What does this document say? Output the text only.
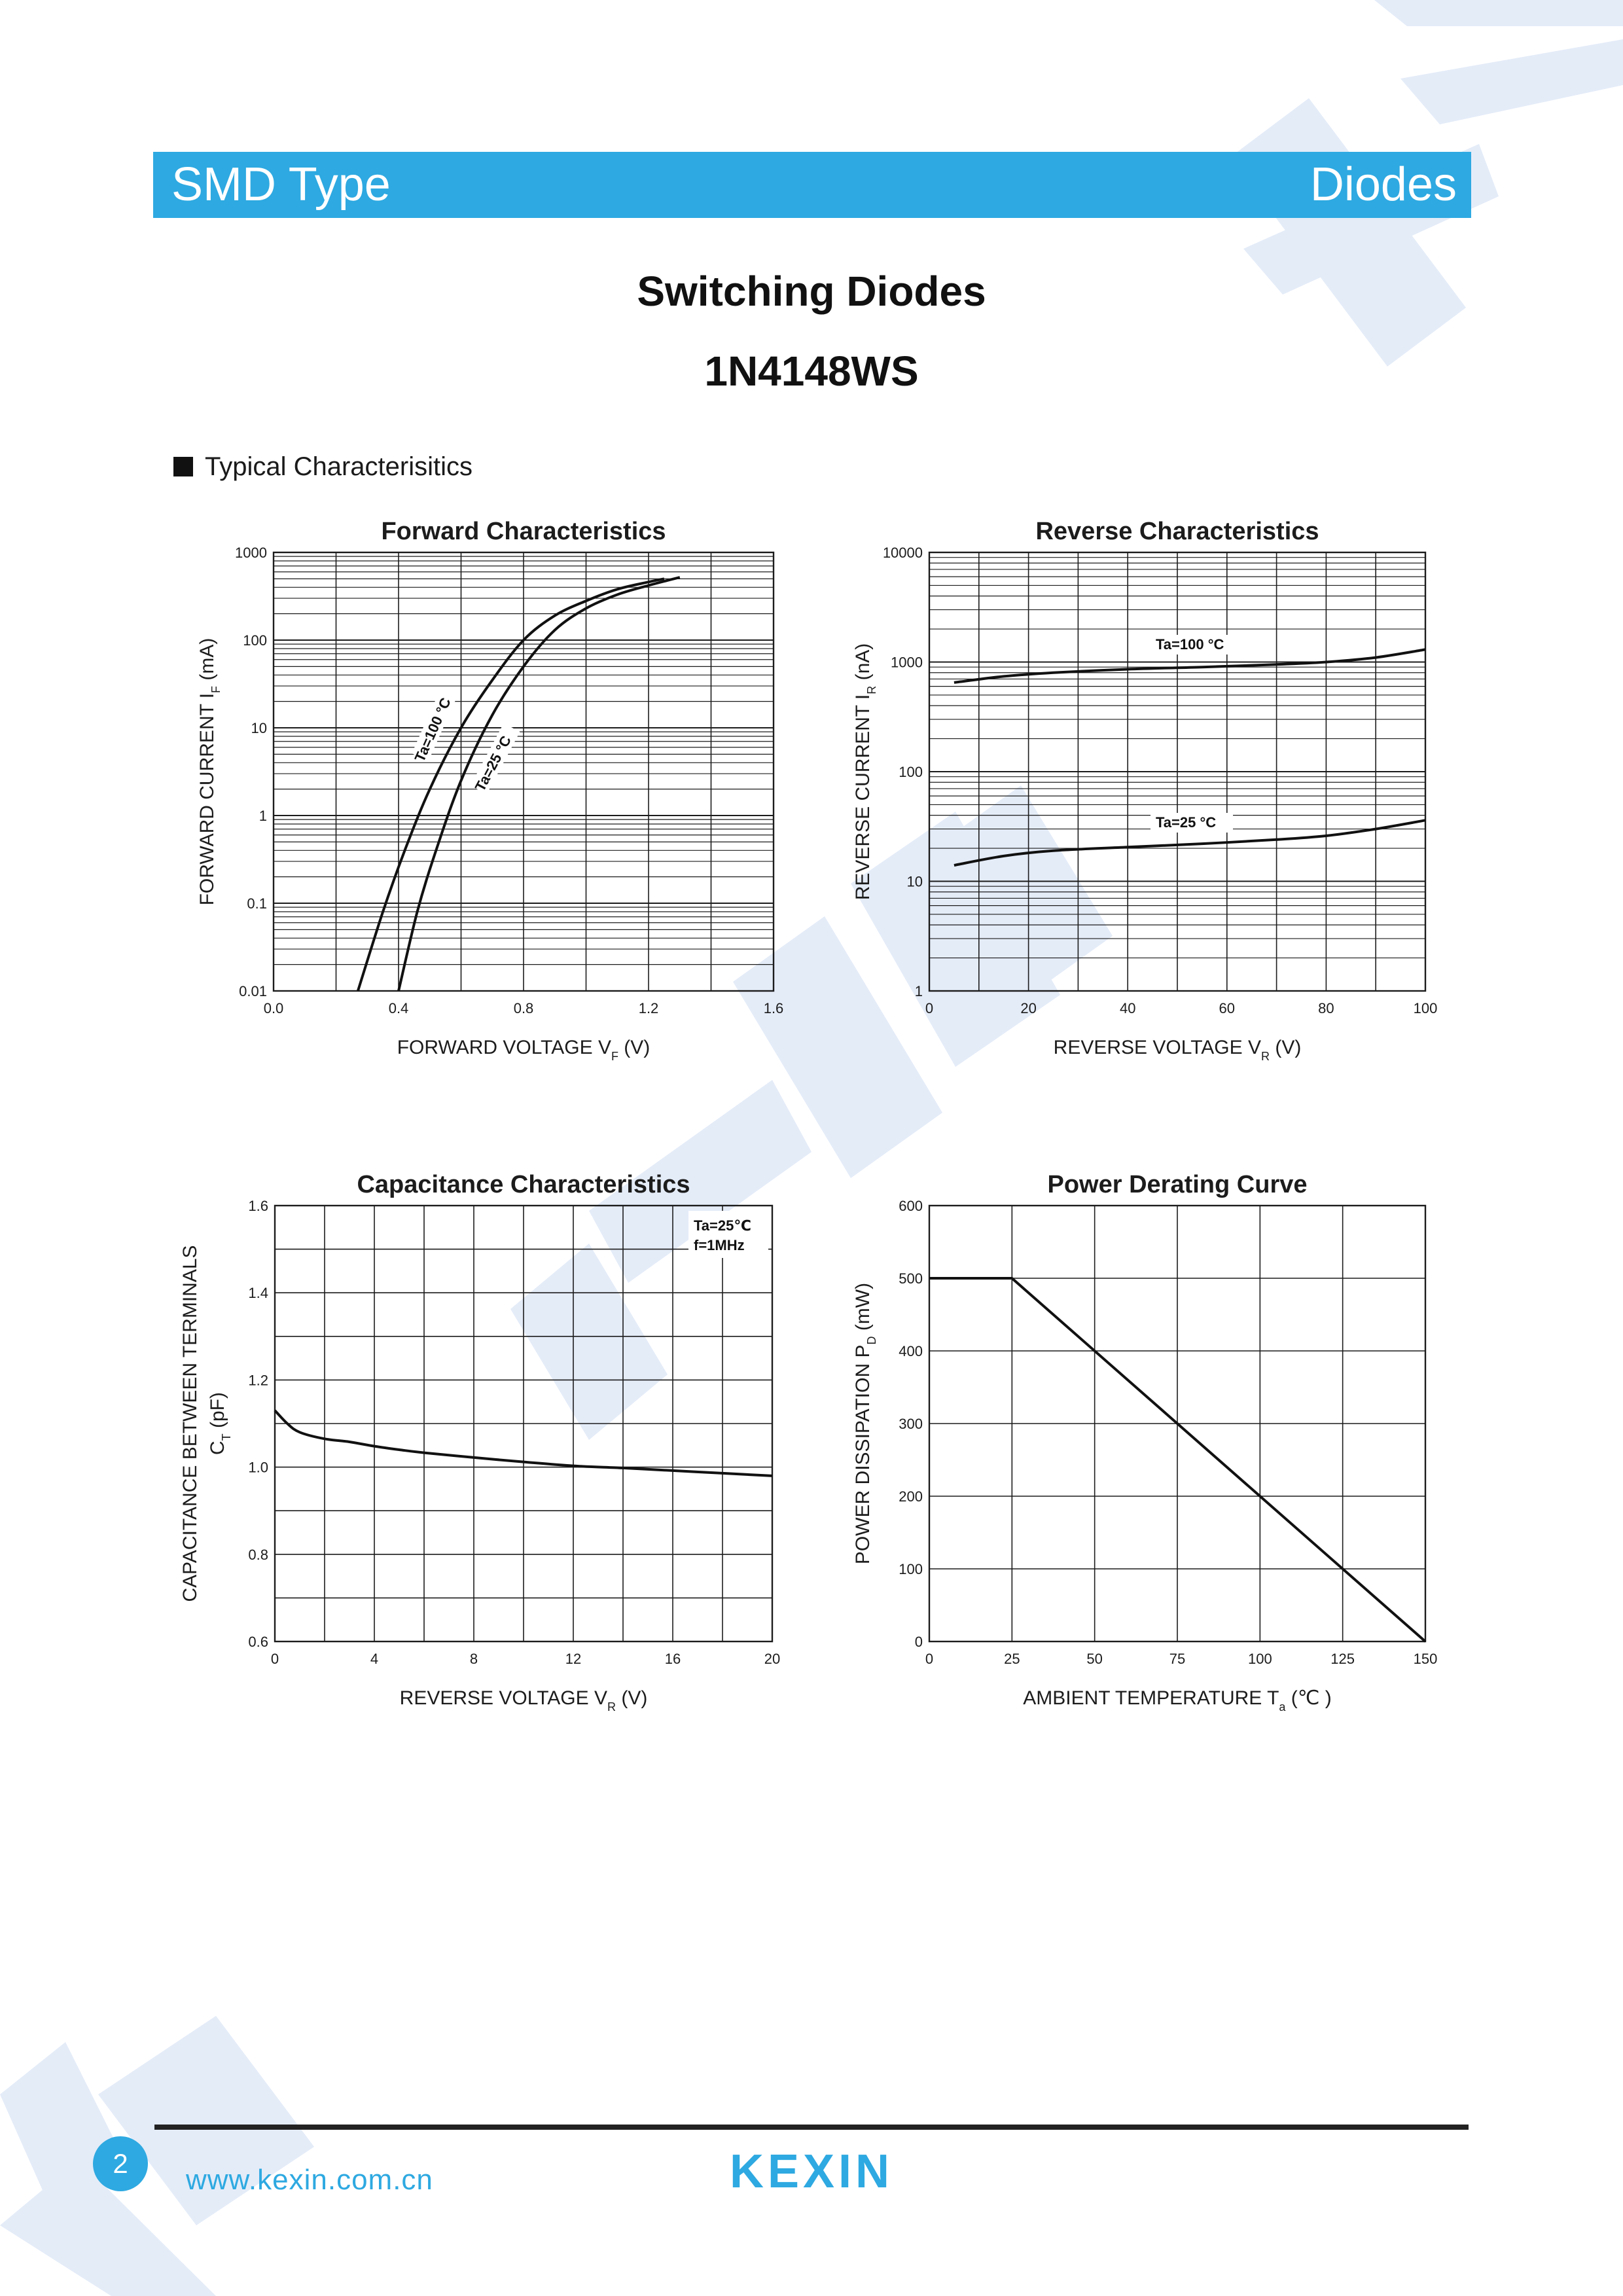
SMD Type	Diodes
Switching Diodes
1N4148WS
Typical Characterisitics
0.0	0.4	0.8	1.2	1.6
0.01
0.1
1
10
100
1000
Forward Characteristics
FORWARD VOLTAGE $V_F$ (V)
FORWARD CURRENT $I_F$ (mA)
Ta=100 °C Ta=25 °C
0	20	40	60	80	100
1
10
100
1000
10000
Reverse Characteristics
REVERSE VOLTAGE $V_R$ (V)
REVERSE CURRENT $I_R$ (nA)	Ta=100 °C
Ta=25 °C
0	4	8	12	16	20
0.6
0.8
1.0
1.2
1.4
1.6
Capacitance Characteristics
REVERSE VOLTAGE $V_R$ (V)
CAPACITANCE BETWEEN TERMINALS $C_T$ (pF)
Ta=25℃
f=1MHz
0	25	50	75	100	125	150
0
100
200
300
400
500
600
Power Derating Curve
AMBIENT TEMPERATURE $T_a$ (℃ )
POWER DISSIPATION $P_D$ (mW)
2
www.kexin.com.cn	KEXIN
